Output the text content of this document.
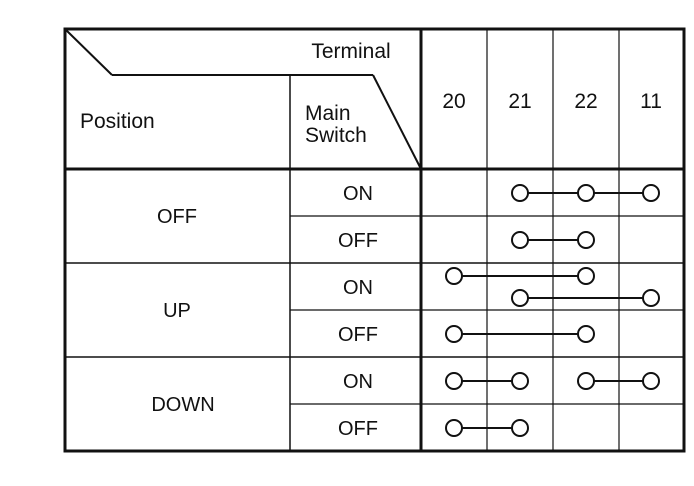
Terminal
Position	Main
Switch
20 21 22 11
OFF
UP
DOWN
ON
OFF
ON
OFF
ON
OFF
